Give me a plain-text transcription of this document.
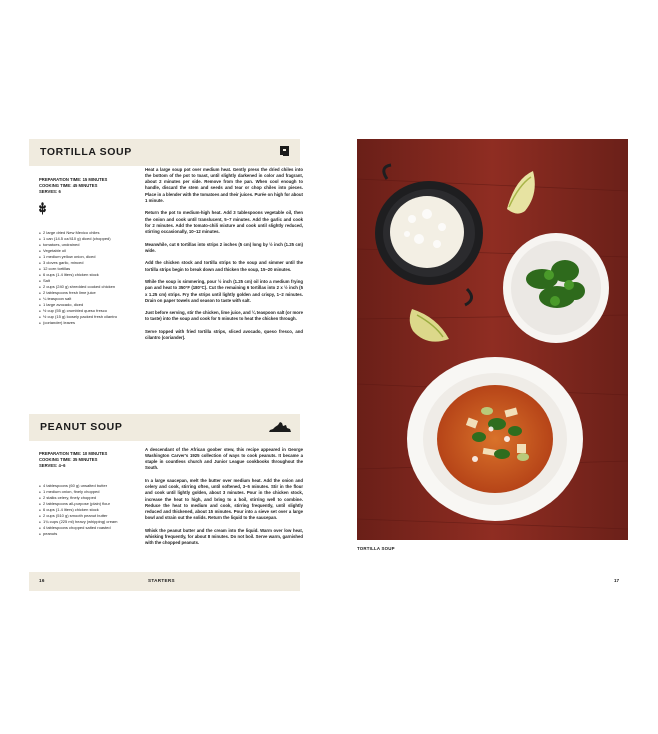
TORTILLA SOUP
PREPARATION TIME: 15 MINUTES
COOKING TIME: 45 MINUTES
SERVES: 6
● 2 large dried New Mexico chiles
● 1 can (14.5 oz/410 g) diced (chopped)
● tomatoes, undrained
● Vegetable oil
● 1 medium yellow onion, diced
● 3 cloves garlic, minced
● 12 corn tortillas
● 6 cups (1.4 liters) chicken stock
● Salt
● 2 cups (240 g) shredded cooked chicken
● 2 tablespoons fresh lime juice
● ¼ teaspoon salt
● 1 large avocado, diced
● ½ cup (55 g) crumbled queso fresco
● ½ cup (15 g) loosely packed fresh cilantro
● (coriander) leaves

Heat a large soup pot over medium heat. Gently press the dried chiles into the bottom of the pot to toast, until slightly darkened in color and fragrant, about 2 minutes per side. Remove from the pan. When cool enough to handle, discard the stem and seeds and tear or chop chiles into pieces. Place in a blender with the tomatoes and their juices. Purée on high for about 1 minute.

Return the pot to medium-high heat. Add 3 tablespoons vegetable oil, then the onion and cook until translucent, 5–7 minutes. Add the garlic and cook for 2 minutes. Add the tomato-chili mixture and cook until slightly reduced, stirring occasionally, 10–12 minutes.

Meanwhile, cut 6 tortillas into strips 2 inches (5 cm) long by ½ inch (1.25 cm) wide.

Add the chicken stock and tortilla strips to the soup and simmer until the tortilla strips begin to break down and thicken the soup, 15–20 minutes.

While the soup is simmering, pour ½ inch (1.25 cm) oil into a medium frying pan and heat to 350°F (180°C). Cut the remaining 6 tortillas into 2 x ½ inch (5 x 1.25 cm) strips. Fry the strips until lightly golden and crispy, 1–2 minutes. Drain on paper towels and season to taste with salt.

Just before serving, stir the chicken, lime juice, and ¼ teaspoon salt (or more to taste) into the soup and cook for 5 minutes to heat the chicken through.

Serve topped with fried tortilla strips, sliced avocado, queso fresco, and cilantro (coriander).

PEANUT SOUP
PREPARATION TIME: 10 MINUTES
COOKING TIME: 35 MINUTES
SERVES: 4–6
● 4 tablespoons (60 g) unsalted butter
● 1 medium onion, finely chopped
● 2 stalks celery, finely chopped
● 2 tablespoons all-purpose (plain) flour
● 6 cups (1.4 liters) chicken stock
● 2 cups (510 g) smooth peanut butter
● 1¾ cups (225 ml) heavy (whipping) cream
● 4 tablespoons chopped salted roasted
● peanuts

A descendant of the African goober stew, this recipe appeared in George Washington Carver's 1925 collection of ways to cook peanuts. It became a staple in countless church and Junior League cookbooks throughout the South.

In a large saucepan, melt the butter over medium heat. Add the onion and celery and cook, stirring often, until softened, 3–5 minutes. Stir in the flour and cook until lightly golden, about 3 minutes. Pour in the chicken stock, increase the heat to high, and bring to a boil, stirring well to combine. Reduce the heat to medium and cook, stirring frequently, until slightly reduced and thickened, about 15 minutes. Pour into a sieve set over a large bowl and strain out the solids. Return the liquid to the saucepan.

Whisk the peanut butter and the cream into the liquid. Warm over low heat, whisking frequently, for about 8 minutes. Do not boil. Serve warm, garnished with the chopped peanuts.

16	STARTERS
TORTILLA SOUP
17
